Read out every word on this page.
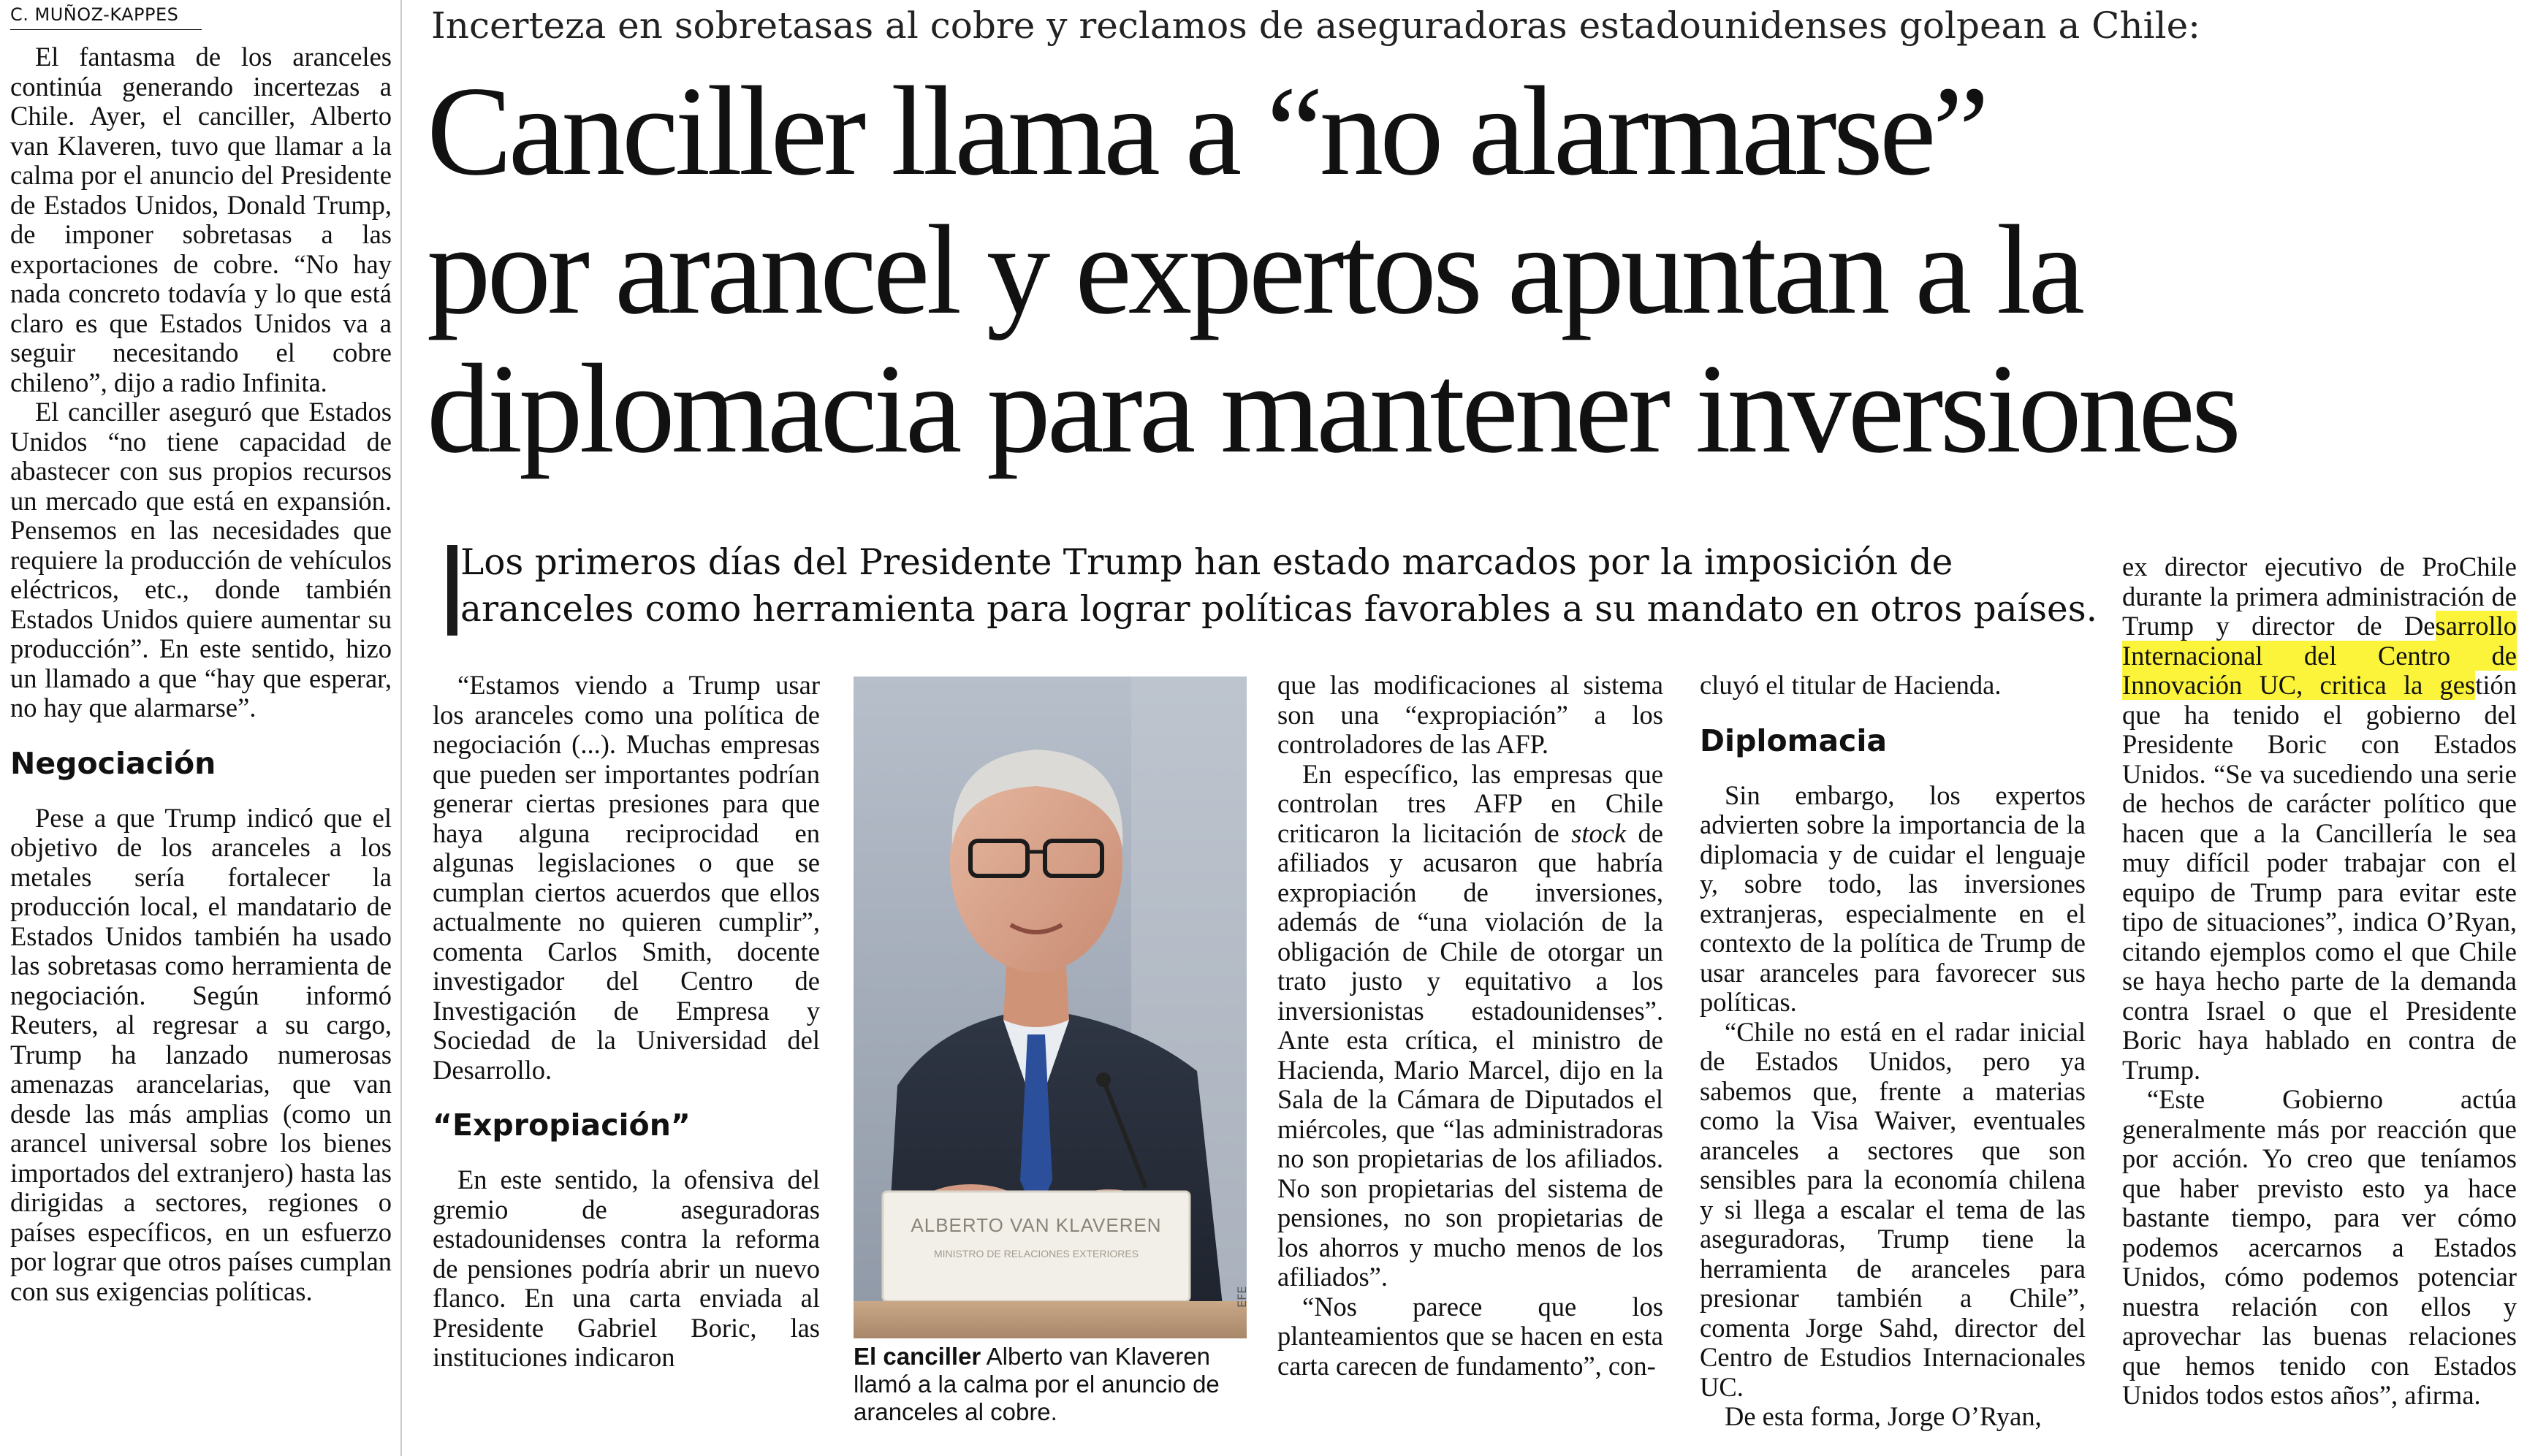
C. MUÑOZ-KAPPES

El fantasma de los aranceles continúa generando incertezas a Chile. Ayer, el canciller, Alberto van Klaveren, tuvo que llamar a la calma por el anuncio del Presidente de Estados Unidos, Donald Trump, de imponer sobretasas a las exportaciones de cobre. “No hay nada concreto todavía y lo que está claro es que Estados Unidos va a seguir necesitando el cobre chileno”, dijo a radio Infinita.

El canciller aseguró que Estados Unidos “no tiene capacidad de abastecer con sus propios recursos un mercado que está en expansión. Pensemos en las necesidades que requiere la producción de vehículos eléctricos, etc., donde también Estados Unidos quiere aumentar su producción”. En este sentido, hizo un llamado a que “hay que esperar, no hay que alarmarse”.

Negociación

Pese a que Trump indicó que el objetivo de los aranceles a los metales sería fortalecer la producción local, el mandatario de Estados Unidos también ha usado las sobretasas como herramienta de negociación. Según informó Reuters, al regresar a su cargo, Trump ha lanzado numerosas amenazas arancelarias, que van desde las más amplias (como un arancel universal sobre los bienes importados del extranjero) hasta las dirigidas a sectores, regiones o países específicos, en un esfuerzo por lograr que otros países cumplan con sus exigencias políticas.

Incerteza en sobretasas al cobre y reclamos de aseguradoras estadounidenses golpean a Chile:
Canciller llama a “no alarmarse”
por arancel y expertos apuntan a la
diplomacia para mantener inversiones
Los primeros días del Presidente Trump han estado marcados por la imposición de
aranceles como herramienta para lograr políticas favorables a su mandato en otros países.

“Estamos viendo a Trump usar los aranceles como una política de negociación (...). Muchas empresas que pueden ser importantes podrían generar ciertas presiones para que haya alguna reciprocidad en algunas legislaciones o que se cumplan ciertos acuerdos que ellos actualmente no quieren cumplir”, comenta Carlos Smith, docente investigador del Centro de Investigación de Empresa y Sociedad de la Universidad del Desarrollo.

“Expropiación”

En este sentido, la ofensiva del gremio de aseguradoras estadounidenses contra la reforma de pensiones podría abrir un nuevo flanco. En una carta enviada al Presidente Gabriel Boric, las instituciones indicaron

ALBERTO VAN KLAVEREN
MINISTRO DE RELACIONES EXTERIORES
EFE
El canciller Alberto van Klaveren llamó a la calma por el anuncio de aranceles al cobre.

que las modificaciones al sistema son una “expropiación” a los controladores de las AFP.

En específico, las empresas que controlan tres AFP en Chile criticaron la licitación de stock de afiliados y acusaron que habría expropiación de inversiones, además de “una violación de la obligación de Chile de otorgar un trato justo y equitativo a los inversionistas estadounidenses”. Ante esta crítica, el ministro de Hacienda, Mario Marcel, dijo en la Sala de la Cámara de Diputados el miércoles, que “las administradoras no son propietarias de los afiliados. No son propietarias del sistema de pensiones, no son propietarias de los ahorros y mucho menos de los afiliados”.

“Nos parece que los planteamientos que se hacen en esta carta carecen de fundamento”, con-

cluyó el titular de Hacienda.

Diplomacia

Sin embargo, los expertos advierten sobre la importancia de la diplomacia y de cuidar el lenguaje y, sobre todo, las inversiones extranjeras, especialmente en el contexto de la política de Trump de usar aranceles para favorecer sus políticas.

“Chile no está en el radar inicial de Estados Unidos, pero ya sabemos que, frente a materias como la Visa Waiver, eventuales aranceles a sectores que son sensibles para la economía chilena y si llega a escalar el tema de las aseguradoras, Trump tiene la herramienta de aranceles para presionar también a Chile”, comenta Jorge Sahd, director del Centro de Estudios Internacionales UC.

De esta forma, Jorge O’Ryan,

ex director ejecutivo de ProChile durante la primera administración de Trump y director de Desarrollo Internacional del Centro de Innovación UC, critica la gestión que ha tenido el gobierno del Presidente Boric con Estados Unidos. “Se va sucediendo una serie de hechos de carácter político que hacen que a la Cancillería le sea muy difícil poder trabajar con el equipo de Trump para evitar este tipo de situaciones”, indica O’Ryan, citando ejemplos como el que Chile se haya hecho parte de la demanda contra Israel o que el Presidente Boric haya hablado en contra de Trump.

“Este Gobierno actúa generalmente más por reacción que por acción. Yo creo que teníamos que haber previsto esto ya hace bastante tiempo, para ver cómo podemos acercarnos a Estados Unidos, cómo podemos potenciar nuestra relación con ellos y aprovechar las buenas relaciones que hemos tenido con Estados Unidos todos estos años”, afirma.
